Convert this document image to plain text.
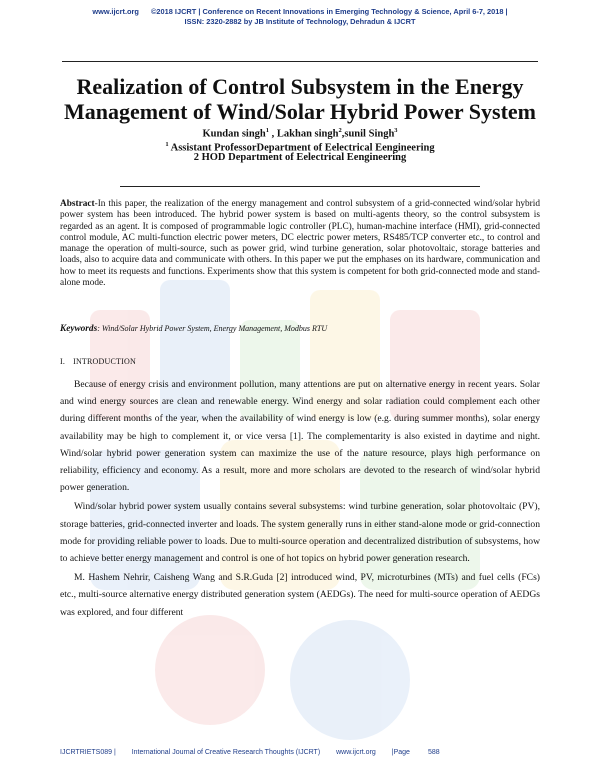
www.ijcrt.org ©2018 IJCRT | Conference on Recent Innovations in Emerging Technology & Science, April 6-7, 2018 |
ISSN: 2320-2882 by JB Institute of Technology, Dehradun & IJCRT
Realization of Control Subsystem in the Energy
Management of Wind/Solar Hybrid Power System
Kundan singh$^1$ , Lakhan singh$^2$,sunil Singh$^3$
$^1$ Assistant ProfessorDepartment of Eelectrical Eengineering
2 HOD Department of Eelectrical Eengineering
Abstract-In this paper, the realization of the energy management and control subsystem of a grid-connected wind/solar hybrid power system has been introduced. The hybrid power system is based on multi-agents theory, so the control subsystem is regarded as an agent. It is composed of programmable logic controller (PLC), human-machine interface (HMI), grid-connected control module, AC multi-function electric power meters, DC electric power meters, RS485/TCP converter etc., to control and manage the operation of multi-source, such as power grid, wind turbine generation, solar photovoltaic, storage batteries and loads, also to acquire data and communicate with others. In this paper we put the emphases on its hardware, communication and how to meet its requests and functions. Experiments show that this system is competent for both grid-connected mode and stand-alone mode.
Keywords: Wind/Solar Hybrid Power System, Energy Management, Modbus RTU
I. INTRODUCTION

Because of energy crisis and environment pollution, many attentions are put on alternative energy in recent years. Solar and wind energy sources are clean and renewable energy. Wind energy and solar radiation could complement each other during different months of the year, when the availability of wind energy is low (e.g. during summer months), solar energy availability may be high to complement it, or vice versa [1]. The complementarity is also existed in daytime and night. Wind/solar hybrid power generation system can maximize the use of the nature resource, plays high performance on reliability, efficiency and economy. As a result, more and more scholars are devoted to the research of wind/solar hybrid power generation.

Wind/solar hybrid power system usually contains several subsystems: wind turbine generation, solar photovoltaic (PV), storage batteries, grid-connected inverter and loads. The system generally runs in either stand-alone mode or grid-connection mode for providing reliable power to loads. Due to multi-source operation and decentralized distribution of subsystems, how to achieve better energy management and control is one of hot topics on hybrid power generation research.

M. Hashem Nehrir, Caisheng Wang and S.R.Guda [2] introduced wind, PV, microturbines (MTs) and fuel cells (FCs) etc., multi-source alternative energy distributed generation system (AEDGs). The need for multi-source operation of AEDGs was explored, and four different

IJCRTRIETS089 | International Journal of Creative Research Thoughts (IJCRT) www.ijcrt.org |Page	588
